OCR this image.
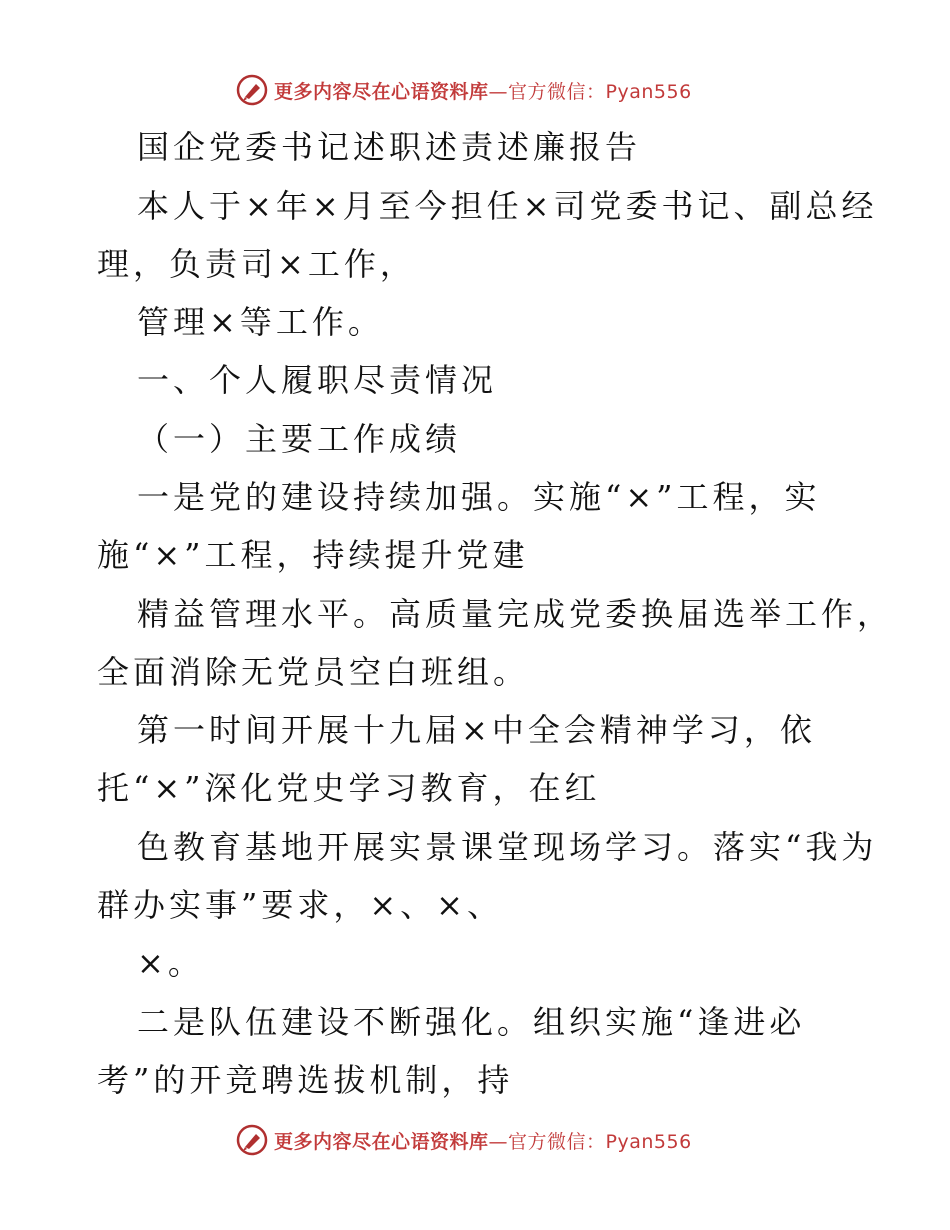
更多内容尽在心语资料库—官方微信：Pyan556
国企党委书记述职述责述廉报告
本人于×年×月至今担任×司党委书记、副总经
理，负责司×工作，
管理×等工作。
一、个人履职尽责情况
（一）主要工作成绩
一是党的建设持续加强。实施“×”工程，实
施“×”工程，持续提升党建
精益管理水平。高质量完成党委换届选举工作，
全面消除无党员空白班组。
第一时间开展十九届×中全会精神学习，依
托“×”深化党史学习教育，在红
色教育基地开展实景课堂现场学习。落实“我为
群办实事”要求，×、×、
×。
二是队伍建设不断强化。组织实施“逢进必
考”的开竞聘选拔机制，持
更多内容尽在心语资料库—官方微信：Pyan556
